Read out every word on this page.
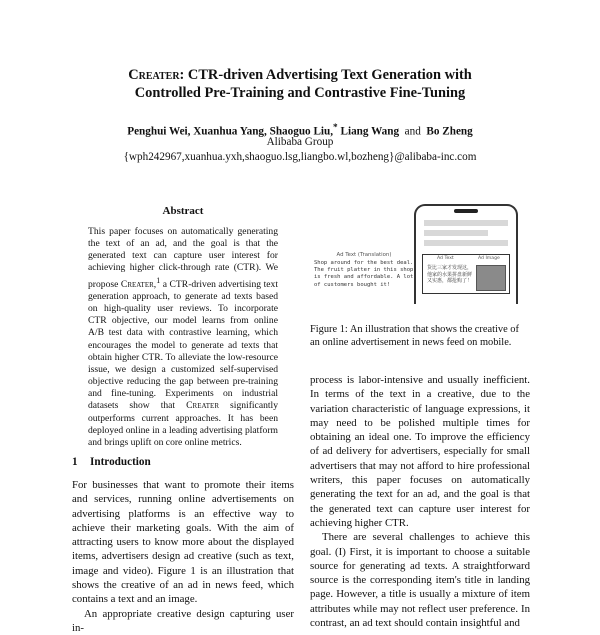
Creater: CTR-driven Advertising Text Generation with
Controlled Pre-Training and Contrastive Fine-Tuning
Penghui Wei, Xuanhua Yang, Shaoguo Liu,* Liang Wang and Bo Zheng
Alibaba Group
{wph242967,xuanhua.yxh,shaoguo.lsg,liangbo.wl,bozheng}@alibaba-inc.com
Abstract
This paper focuses on automatically generating the text of an ad, and the goal is that the generated text can capture user interest for achieving higher click-through rate (CTR). We propose Creater,$^1$ a CTR-driven advertising text generation approach, to generate ad texts based on high-quality user reviews. To incorporate CTR objective, our model learns from online A/B test data with contrastive learning, which encourages the model to generate ad texts that obtain higher CTR. To alleviate the low-resource issue, we design a customized self-supervised objective reducing the gap between pre-training and fine-tuning. Experiments on industrial datasets show that Creater significantly outperforms current approaches. It has been deployed online in a leading advertising platform and brings uplift on core online metrics.
1 Introduction

For businesses that want to promote their items and services, running online advertisements on advertising platforms is an effective way to achieve their marketing goals. With the aim of attracting users to know more about the displayed items, advertisers design ad creative (such as text, image and video). Figure 1 is an illustration that shows the creative of an ad in news feed, which contains a text and an image.

An appropriate creative design capturing user in-

Ad Text (Translation)
Shop around for the best deal. The fruit platter in this shop is fresh and affordable. A lot of customers bought it!
Ad Text	Ad Image
货比三家才发现这，他家的水果拼盘新鲜又实惠，都抢购了！
Figure 1: An illustration that shows the creative of an online advertisement in news feed on mobile.

process is labor-intensive and usually inefficient. In terms of the text in a creative, due to the variation characteristic of language expressions, it may need to be polished multiple times for obtaining an ideal one. To improve the efficiency of ad delivery for advertisers, especially for small advertisers that may not afford to hire professional writers, this paper focuses on automatically generating the text for an ad, and the goal is that the generated text can capture user interest for achieving higher CTR.

There are several challenges to achieve this goal. (I) First, it is important to choose a suitable source for generating ad texts. A straightforward source is the corresponding item's title in landing page. However, a title is usually a mixture of item attributes while may not reflect user preference. In contrast, an ad text should contain insightful and
